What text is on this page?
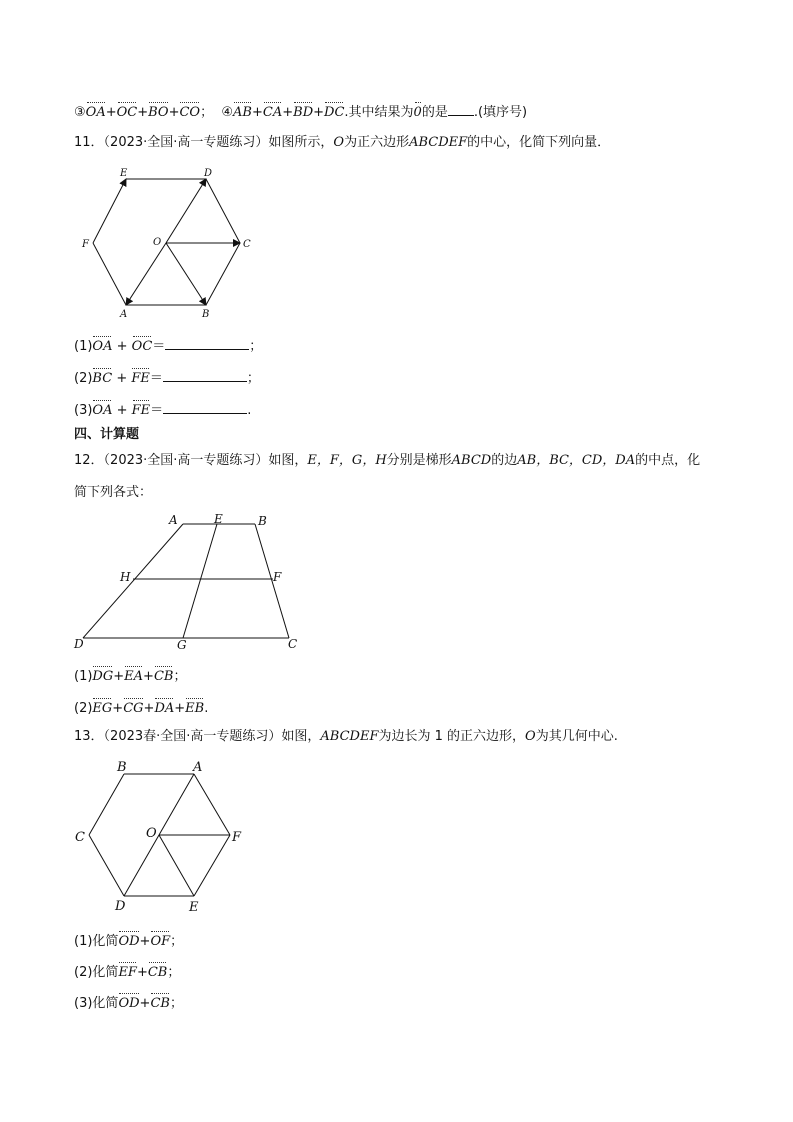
③OA+OC+BO+CO； ④AB+CA+BD+DC.其中结果为0的是 .(填序号)
11．（2023·全国·高一专题练习）如图所示，O为正六边形ABCDEF的中心，化简下列向量．
E	D
F	O	C
A	B
(1)OA + OC＝	；
(2)BC + FE＝	；
(3)OA + FE＝	.
四、计算题
12．（2023·全国·高一专题练习）如图，E，F，G，H分别是梯形ABCD的边AB，BC，CD，DA的中点，化
简下列各式：
A	E	B
H	F
D	G	C
(1)DG+EA+CB；
(2)EG+CG+DA+EB.
13．（2023春·全国·高一专题练习）如图，ABCDEF为边长为 1 的正六边形，O为其几何中心.
B	A
C	O	F
D	E
(1)化简OD+OF；
(2)化简EF+CB；
(3)化简OD+CB；
